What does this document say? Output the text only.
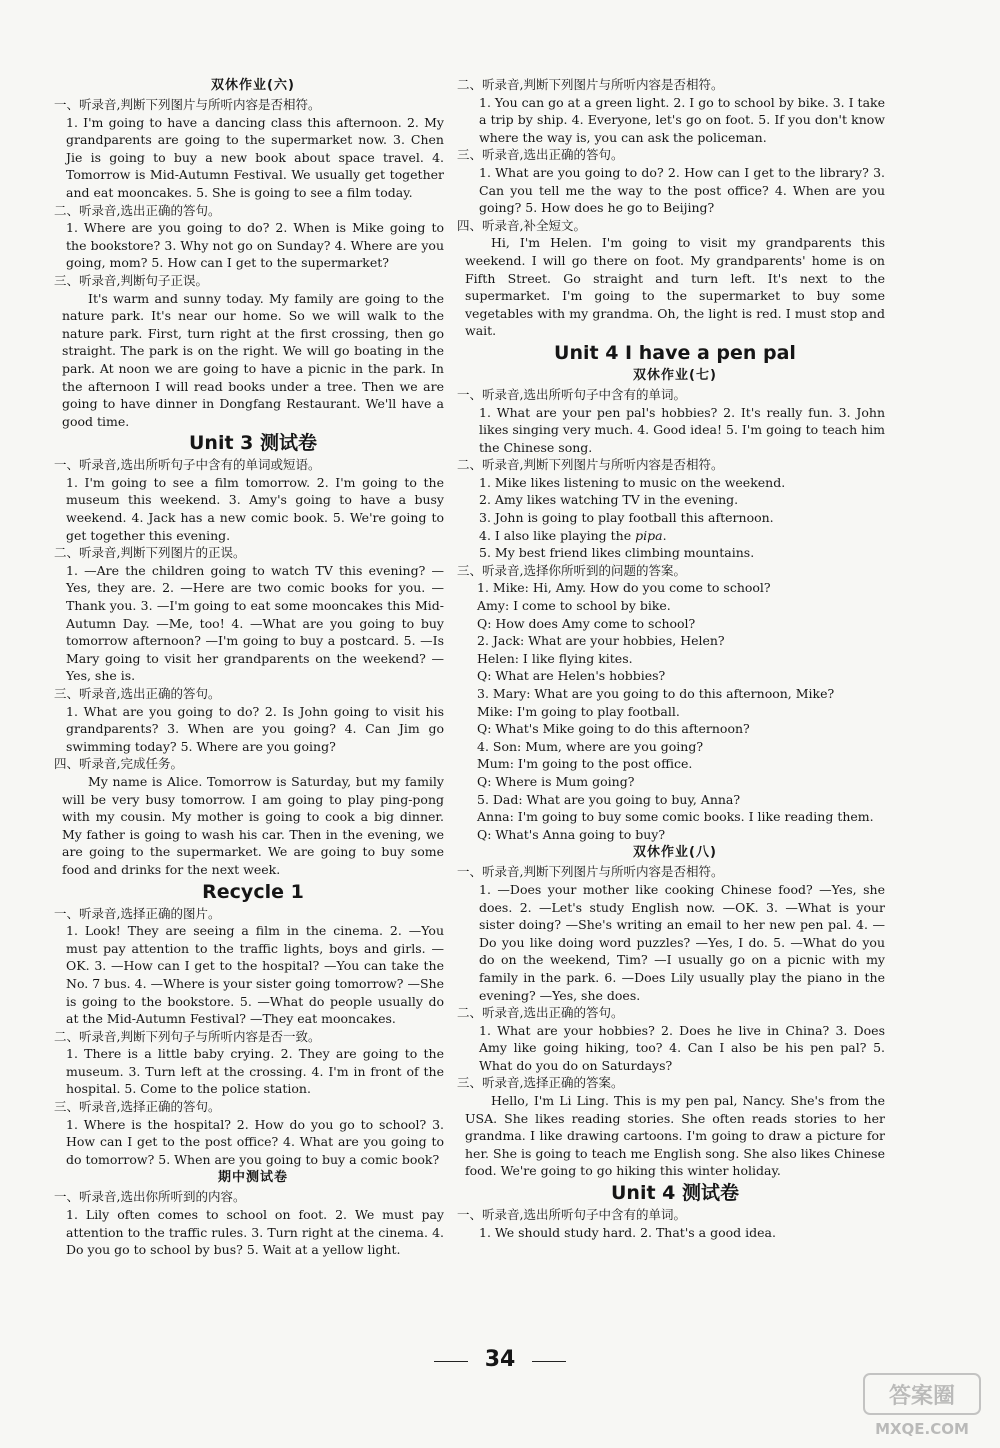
双休作业(六)
一、听录音,判断下列图片与所听内容是否相符。
1. I'm going to have a dancing class this afternoon. 2. My grandparents are going to the supermarket now. 3. Chen Jie is going to buy a new book about space travel. 4. Tomorrow is Mid-Autumn Festival. We usually get together and eat mooncakes. 5. She is going to see a film today.
二、听录音,选出正确的答句。
1. Where are you going to do? 2. When is Mike going to the bookstore? 3. Why not go on Sunday? 4. Where are you going, mom? 5. How can I get to the supermarket?
三、听录音,判断句子正误。
It's warm and sunny today. My family are going to the nature park. It's near our home. So we will walk to the nature park. First, turn right at the first crossing, then go straight. The park is on the right. We will go boating in the park. At noon we are going to have a picnic in the park. In the afternoon I will read books under a tree. Then we are going to have dinner in Dongfang Restaurant. We'll have a good time.
Unit 3 测试卷
一、听录音,选出所听句子中含有的单词或短语。
1. I'm going to see a film tomorrow. 2. I'm going to the museum this weekend. 3. Amy's going to have a busy weekend. 4. Jack has a new comic book. 5. We're going to get together this evening.
二、听录音,判断下列图片的正误。
1. —Are the children going to watch TV this evening? —Yes, they are. 2. —Here are two comic books for you. —Thank you. 3. —I'm going to eat some mooncakes this Mid-Autumn Day. —Me, too! 4. —What are you going to buy tomorrow afternoon? —I'm going to buy a postcard. 5. —Is Mary going to visit her grandparents on the weekend? —Yes, she is.
三、听录音,选出正确的答句。
1. What are you going to do? 2. Is John going to visit his grandparents? 3. When are you going? 4. Can Jim go swimming today? 5. Where are you going?
四、听录音,完成任务。
My name is Alice. Tomorrow is Saturday, but my family will be very busy tomorrow. I am going to play ping-pong with my cousin. My mother is going to cook a big dinner. My father is going to wash his car. Then in the evening, we are going to the supermarket. We are going to buy some food and drinks for the next week.
Recycle 1
一、听录音,选择正确的图片。
1. Look! They are seeing a film in the cinema. 2. —You must pay attention to the traffic lights, boys and girls. —OK. 3. —How can I get to the hospital? —You can take the No. 7 bus. 4. —Where is your sister going tomorrow? —She is going to the bookstore. 5. —What do people usually do at the Mid-Autumn Festival? —They eat mooncakes.
二、听录音,判断下列句子与所听内容是否一致。
1. There is a little baby crying. 2. They are going to the museum. 3. Turn left at the crossing. 4. I'm in front of the hospital. 5. Come to the police station.
三、听录音,选择正确的答句。
1. Where is the hospital? 2. How do you go to school? 3. How can I get to the post office? 4. What are you going to do tomorrow? 5. When are you going to buy a comic book?
期中测试卷
一、听录音,选出你所听到的内容。
1. Lily often comes to school on foot. 2. We must pay attention to the traffic rules. 3. Turn right at the cinema. 4. Do you go to school by bus? 5. Wait at a yellow light.
二、听录音,判断下列图片与所听内容是否相符。
1. You can go at a green light. 2. I go to school by bike. 3. I take a trip by ship. 4. Everyone, let's go on foot. 5. If you don't know where the way is, you can ask the policeman.
三、听录音,选出正确的答句。
1. What are you going to do? 2. How can I get to the library? 3. Can you tell me the way to the post office? 4. When are you going? 5. How does he go to Beijing?
四、听录音,补全短文。
Hi, I'm Helen. I'm going to visit my grandparents this weekend. I will go there on foot. My grandparents' home is on Fifth Street. Go straight and turn left. It's next to the supermarket. I'm going to the supermarket to buy some vegetables with my grandma. Oh, the light is red. I must stop and wait.
Unit 4 I have a pen pal
双休作业(七)
一、听录音,选出所听句子中含有的单词。
1. What are your pen pal's hobbies? 2. It's really fun. 3. John likes singing very much. 4. Good idea! 5. I'm going to teach him the Chinese song.
二、听录音,判断下列图片与所听内容是否相符。
1. Mike likes listening to music on the weekend.
2. Amy likes watching TV in the evening.
3. John is going to play football this afternoon.
4. I also like playing the pipa.
5. My best friend likes climbing mountains.
三、听录音,选择你所听到的问题的答案。
1. Mike: Hi, Amy. How do you come to school?
Amy: I come to school by bike.
Q: How does Amy come to school?
2. Jack: What are your hobbies, Helen?
Helen: I like flying kites.
Q: What are Helen's hobbies?
3. Mary: What are you going to do this afternoon, Mike?
Mike: I'm going to play football.
Q: What's Mike going to do this afternoon?
4. Son: Mum, where are you going?
Mum: I'm going to the post office.
Q: Where is Mum going?
5. Dad: What are you going to buy, Anna?
Anna: I'm going to buy some comic books. I like reading them.
Q: What's Anna going to buy?
双休作业(八)
一、听录音,判断下列图片与所听内容是否相符。
1. —Does your mother like cooking Chinese food? —Yes, she does. 2. —Let's study English now. —OK. 3. —What is your sister doing? —She's writing an email to her new pen pal. 4. —Do you like doing word puzzles? —Yes, I do. 5. —What do you do on the weekend, Tim? —I usually go on a picnic with my family in the park. 6. —Does Lily usually play the piano in the evening? —Yes, she does.
二、听录音,选出正确的答句。
1. What are your hobbies? 2. Does he live in China? 3. Does Amy like going hiking, too? 4. Can I also be his pen pal? 5. What do you do on Saturdays?
三、听录音,选择正确的答案。
Hello, I'm Li Ling. This is my pen pal, Nancy. She's from the USA. She likes reading stories. She often reads stories to her grandma. I like drawing cartoons. I'm going to draw a picture for her. She is going to teach me English song. She also likes Chinese food. We're going to go hiking this winter holiday.
Unit 4 测试卷
一、听录音,选出所听句子中含有的单词。
1. We should study hard. 2. That's a good idea.
34
答案圈
MXQE.COM
